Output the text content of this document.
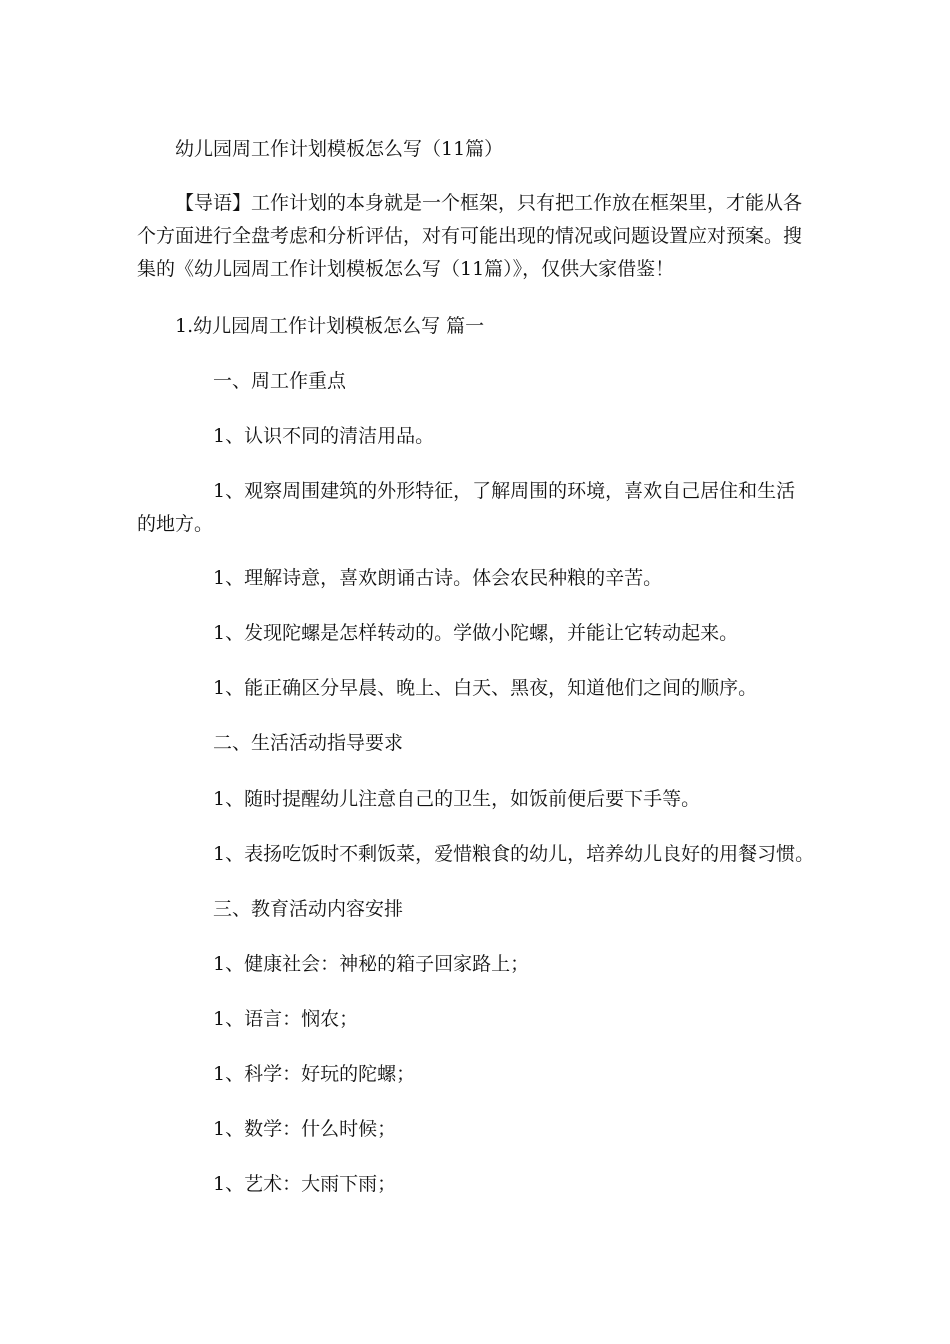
幼儿园周工作计划模板怎么写（11篇）

【导语】工作计划的本身就是一个框架，只有把工作放在框架里，才能从各个方面进行全盘考虑和分析评估，对有可能出现的情况或问题设置应对预案。搜集的《幼儿园周工作计划模板怎么写（11篇）》，仅供大家借鉴！

1.幼儿园周工作计划模板怎么写 篇一

一、周工作重点

1、认识不同的清洁用品。

1、观察周围建筑的外形特征，了解周围的环境，喜欢自己居住和生活的地方。

1、理解诗意，喜欢朗诵古诗。体会农民种粮的辛苦。

1、发现陀螺是怎样转动的。学做小陀螺，并能让它转动起来。

1、能正确区分早晨、晚上、白天、黑夜，知道他们之间的顺序。

二、生活活动指导要求

1、随时提醒幼儿注意自己的卫生，如饭前便后要下手等。

1、表扬吃饭时不剩饭菜，爱惜粮食的幼儿，培养幼儿良好的用餐习惯。

三、教育活动内容安排

1、健康社会：神秘的箱子回家路上；

1、语言：悯农；

1、科学：好玩的陀螺；

1、数学：什么时候；

1、艺术：大雨下雨；
